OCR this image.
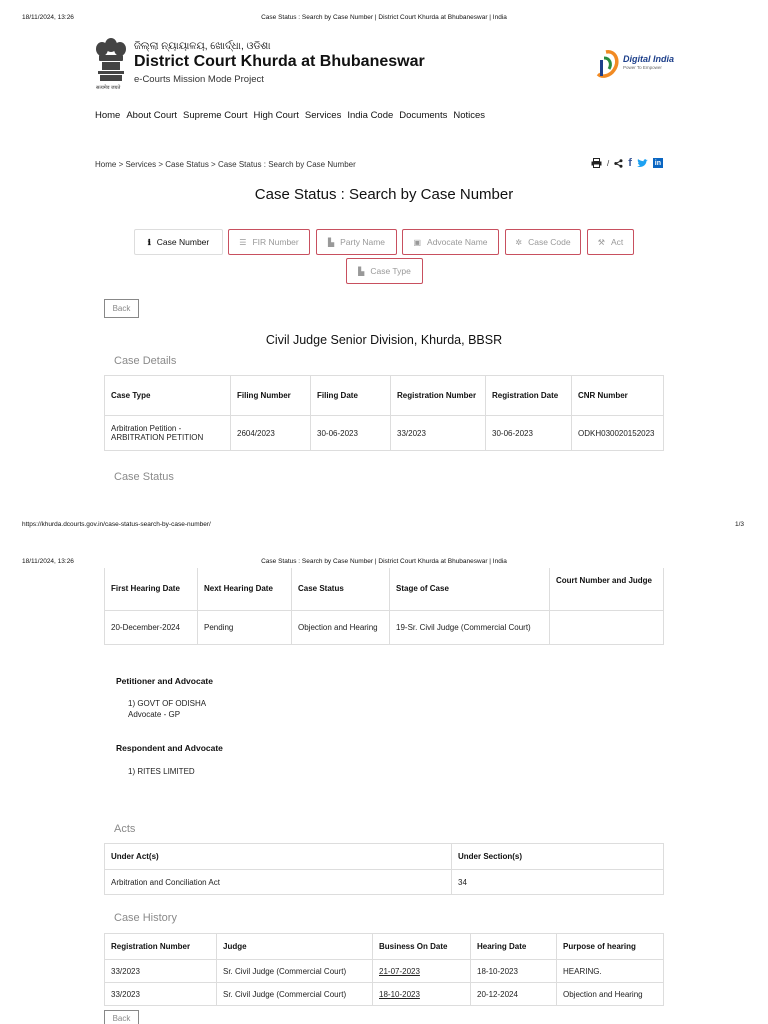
18/11/2024, 13:26	Case Status : Search by Case Number | District Court Khurda at Bhubaneswar | India
सत्यमेव जयते
ଜିଲ୍ଲା ନ୍ୟାୟାଳୟ, ଖୋର୍ଦ୍ଧା, ଓଡିଶା
District Court Khurda at Bhubaneswar
e-Courts Mission Mode Project
Digital India
Power To Empower
Home About Court Supreme Court High Court Services India Code Documents Notices
Home > Services > Case Status > Case Status : Search by Case Number	/ f	in
Case Status : Search by Case Number
ℹ Case Number	☰ FIR Number	▙ Party Name	▣ Advocate Name	✲ Case Code	⚒ Act
▙ Case Type
Back
Civil Judge Senior Division, Khurda, BBSR
Case Details
Case Type	Filing Number	Filing Date	Registration Number	Registration Date	CNR Number
Arbitration Petition - ARBITRATION PETITION	2604/2023	30-06-2023	33/2023	30-06-2023	ODKH030020152023
Case Status
https://khurda.dcourts.gov.in/case-status-search-by-case-number/	1/3
18/11/2024, 13:26	Case Status : Search by Case Number | District Court Khurda at Bhubaneswar | India
First Hearing Date	Next Hearing Date	Case Status	Stage of Case	Court Number and Judge
20-December-2024	Pending	Objection and Hearing	19-Sr. Civil Judge (Commercial Court)	
Petitioner and Advocate
1) GOVT OF ODISHA
Advocate - GP
Respondent and Advocate
1) RITES LIMITED
Acts
Under Act(s)	Under Section(s)
Arbitration and Conciliation Act	34
Case History
Registration Number	Judge	Business On Date	Hearing Date	Purpose of hearing
33/2023	Sr. Civil Judge (Commercial Court)	21-07-2023	18-10-2023	HEARING.
33/2023	Sr. Civil Judge (Commercial Court)	18-10-2023	20-12-2024	Objection and Hearing
Back
